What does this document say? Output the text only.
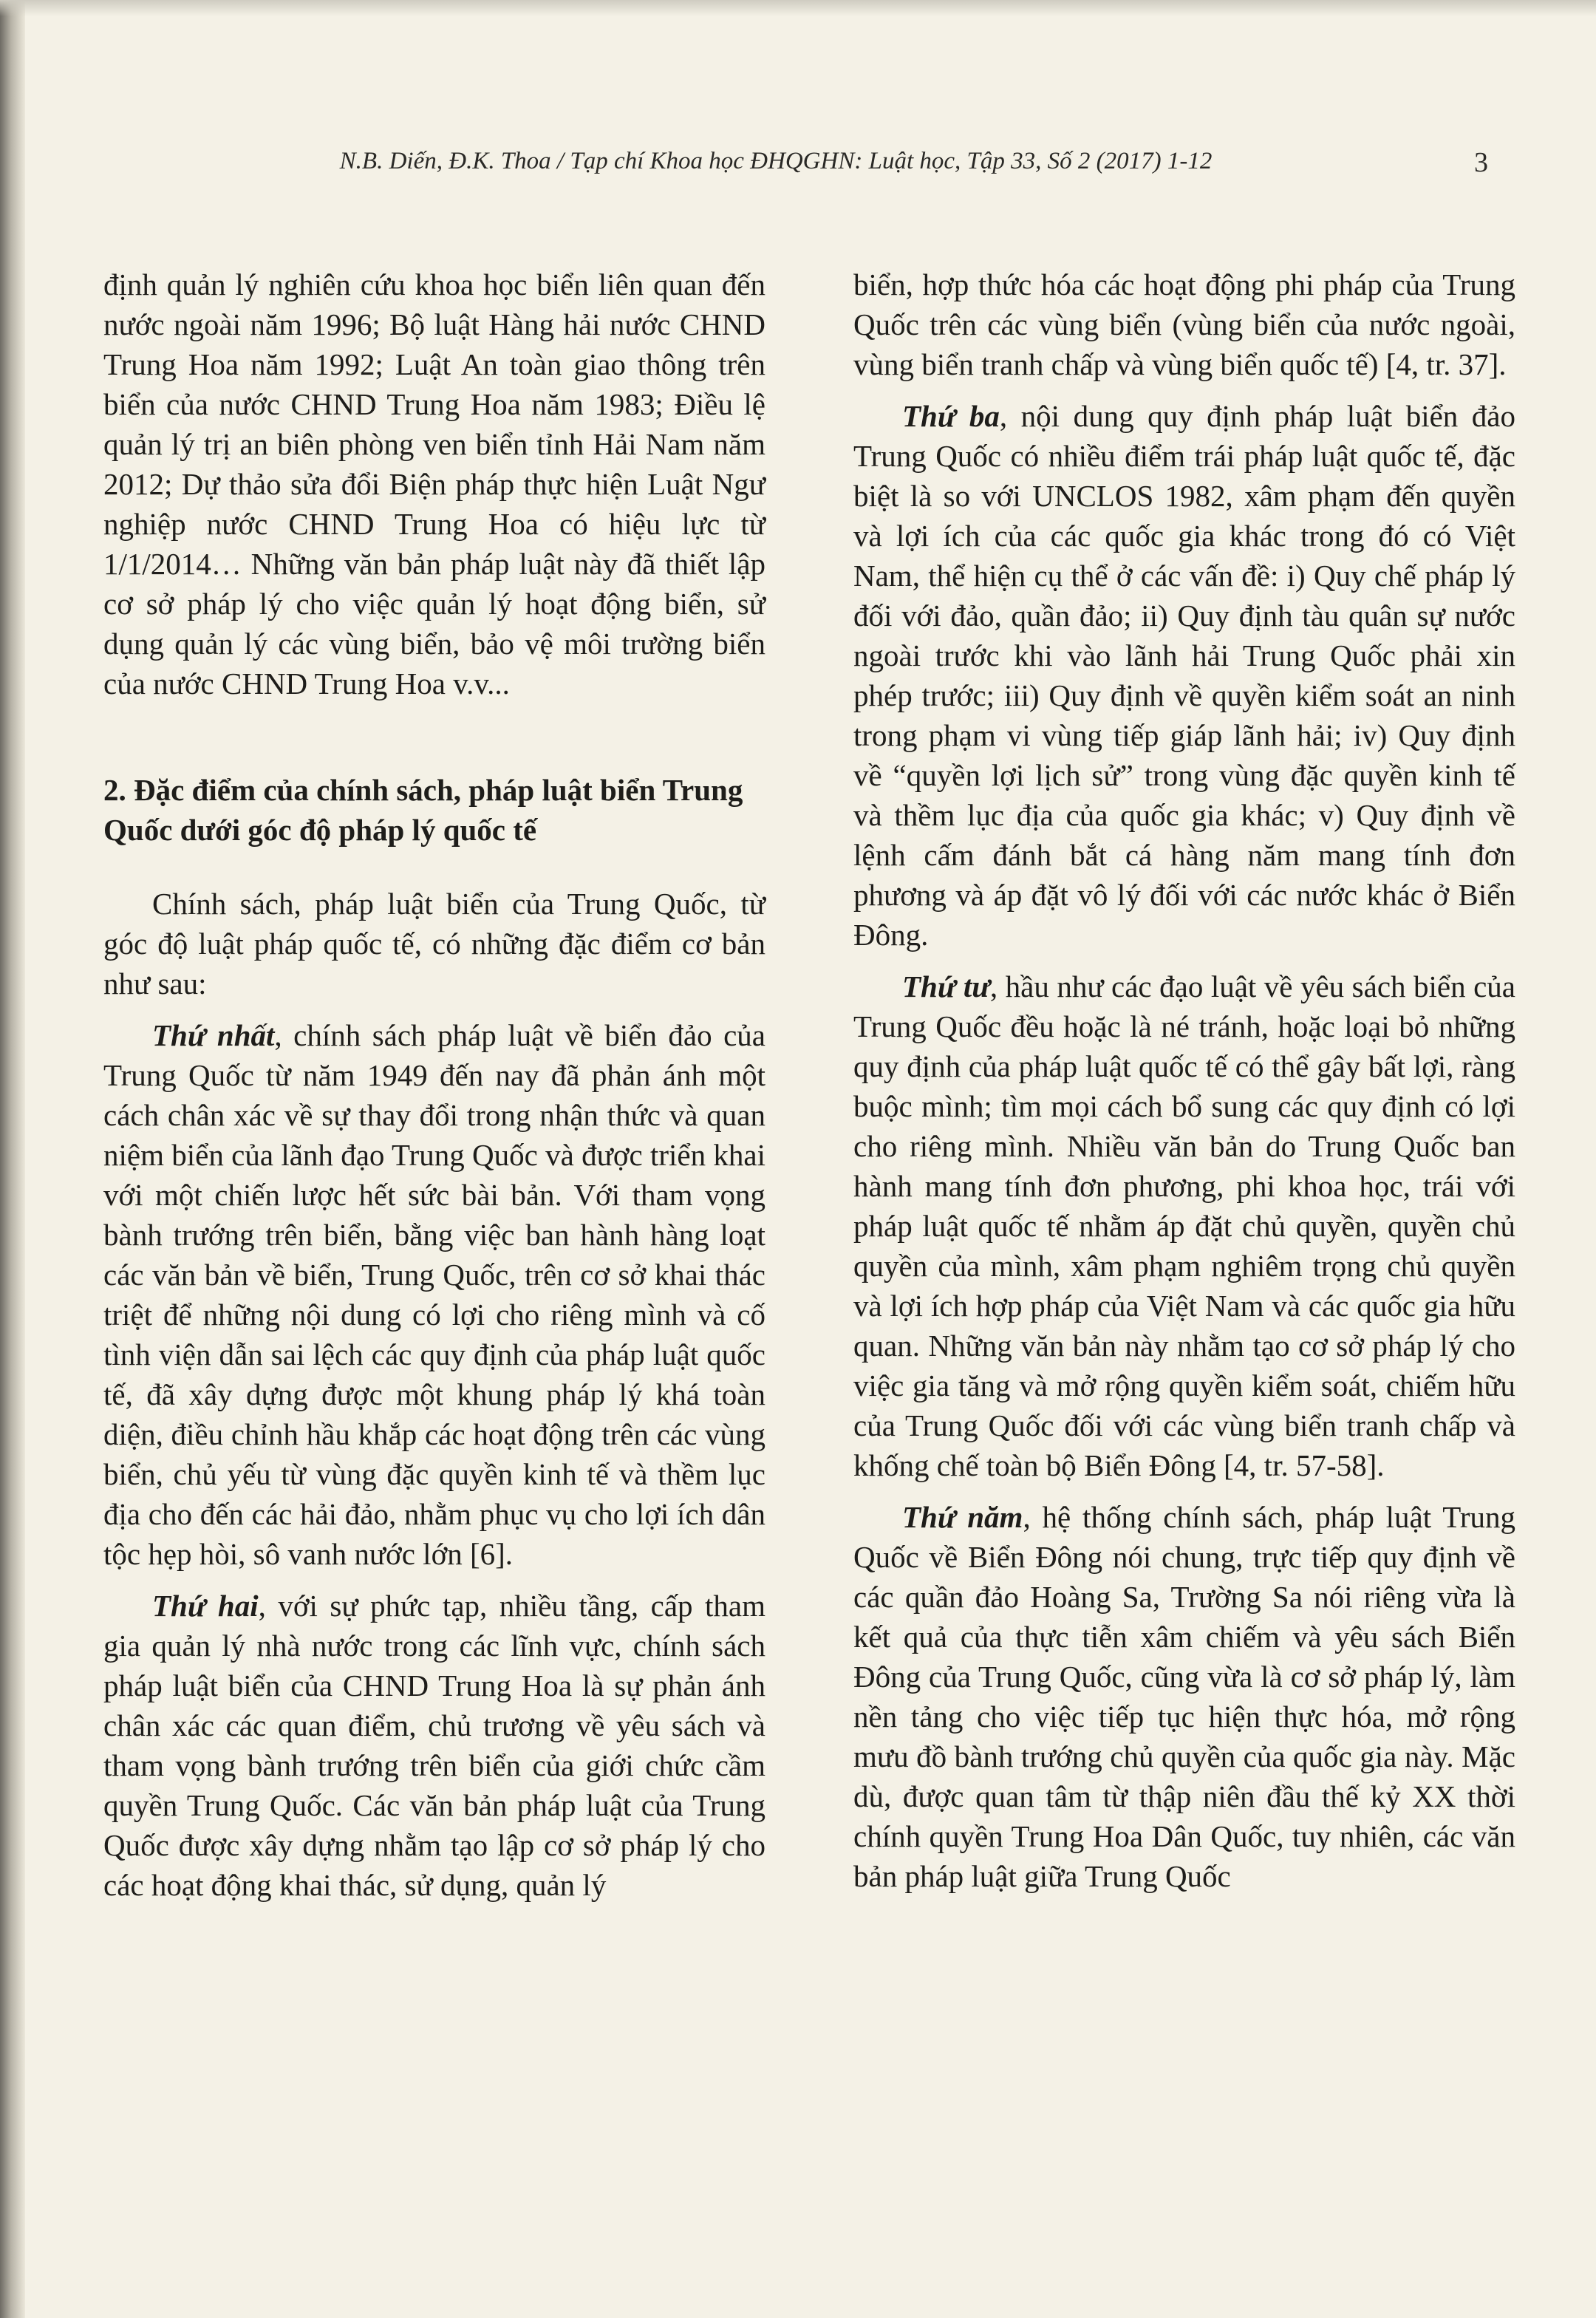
N.B. Diến, Đ.K. Thoa / Tạp chí Khoa học ĐHQGHN: Luật học, Tập 33, Số 2 (2017) 1-12	3

định quản lý nghiên cứu khoa học biển liên quan đến nước ngoài năm 1996; Bộ luật Hàng hải nước CHND Trung Hoa năm 1992; Luật An toàn giao thông trên biển của nước CHND Trung Hoa năm 1983; Điều lệ quản lý trị an biên phòng ven biển tỉnh Hải Nam năm 2012; Dự thảo sửa đổi Biện pháp thực hiện Luật Ngư nghiệp nước CHND Trung Hoa có hiệu lực từ 1/1/2014… Những văn bản pháp luật này đã thiết lập cơ sở pháp lý cho việc quản lý hoạt động biển, sử dụng quản lý các vùng biển, bảo vệ môi trường biển của nước CHND Trung Hoa v.v...

2. Đặc điểm của chính sách, pháp luật biển Trung Quốc dưới góc độ pháp lý quốc tế

Chính sách, pháp luật biển của Trung Quốc, từ góc độ luật pháp quốc tế, có những đặc điểm cơ bản như sau:

Thứ nhất, chính sách pháp luật về biển đảo của Trung Quốc từ năm 1949 đến nay đã phản ánh một cách chân xác về sự thay đổi trong nhận thức và quan niệm biển của lãnh đạo Trung Quốc và được triển khai với một chiến lược hết sức bài bản. Với tham vọng bành trướng trên biển, bằng việc ban hành hàng loạt các văn bản về biển, Trung Quốc, trên cơ sở khai thác triệt để những nội dung có lợi cho riêng mình và cố tình viện dẫn sai lệch các quy định của pháp luật quốc tế, đã xây dựng được một khung pháp lý khá toàn diện, điều chỉnh hầu khắp các hoạt động trên các vùng biển, chủ yếu từ vùng đặc quyền kinh tế và thềm lục địa cho đến các hải đảo, nhằm phục vụ cho lợi ích dân tộc hẹp hòi, sô vanh nước lớn [6].

Thứ hai, với sự phức tạp, nhiều tầng, cấp tham gia quản lý nhà nước trong các lĩnh vực, chính sách pháp luật biển của CHND Trung Hoa là sự phản ánh chân xác các quan điểm, chủ trương về yêu sách và tham vọng bành trướng trên biển của giới chức cầm quyền Trung Quốc. Các văn bản pháp luật của Trung Quốc được xây dựng nhằm tạo lập cơ sở pháp lý cho các hoạt động khai thác, sử dụng, quản lý

biển, hợp thức hóa các hoạt động phi pháp của Trung Quốc trên các vùng biển (vùng biển của nước ngoài, vùng biển tranh chấp và vùng biển quốc tế) [4, tr. 37].

Thứ ba, nội dung quy định pháp luật biển đảo Trung Quốc có nhiều điểm trái pháp luật quốc tế, đặc biệt là so với UNCLOS 1982, xâm phạm đến quyền và lợi ích của các quốc gia khác trong đó có Việt Nam, thể hiện cụ thể ở các vấn đề: i) Quy chế pháp lý đối với đảo, quần đảo; ii) Quy định tàu quân sự nước ngoài trước khi vào lãnh hải Trung Quốc phải xin phép trước; iii) Quy định về quyền kiểm soát an ninh trong phạm vi vùng tiếp giáp lãnh hải; iv) Quy định về “quyền lợi lịch sử” trong vùng đặc quyền kinh tế và thềm lục địa của quốc gia khác; v) Quy định về lệnh cấm đánh bắt cá hàng năm mang tính đơn phương và áp đặt vô lý đối với các nước khác ở Biển Đông.

Thứ tư, hầu như các đạo luật về yêu sách biển của Trung Quốc đều hoặc là né tránh, hoặc loại bỏ những quy định của pháp luật quốc tế có thể gây bất lợi, ràng buộc mình; tìm mọi cách bổ sung các quy định có lợi cho riêng mình. Nhiều văn bản do Trung Quốc ban hành mang tính đơn phương, phi khoa học, trái với pháp luật quốc tế nhằm áp đặt chủ quyền, quyền chủ quyền của mình, xâm phạm nghiêm trọng chủ quyền và lợi ích hợp pháp của Việt Nam và các quốc gia hữu quan. Những văn bản này nhằm tạo cơ sở pháp lý cho việc gia tăng và mở rộng quyền kiểm soát, chiếm hữu của Trung Quốc đối với các vùng biển tranh chấp và khống chế toàn bộ Biển Đông [4, tr. 57-58].

Thứ năm, hệ thống chính sách, pháp luật Trung Quốc về Biển Đông nói chung, trực tiếp quy định về các quần đảo Hoàng Sa, Trường Sa nói riêng vừa là kết quả của thực tiễn xâm chiếm và yêu sách Biển Đông của Trung Quốc, cũng vừa là cơ sở pháp lý, làm nền tảng cho việc tiếp tục hiện thực hóa, mở rộng mưu đồ bành trướng chủ quyền của quốc gia này. Mặc dù, được quan tâm từ thập niên đầu thế kỷ XX thời chính quyền Trung Hoa Dân Quốc, tuy nhiên, các văn bản pháp luật giữa Trung Quốc
